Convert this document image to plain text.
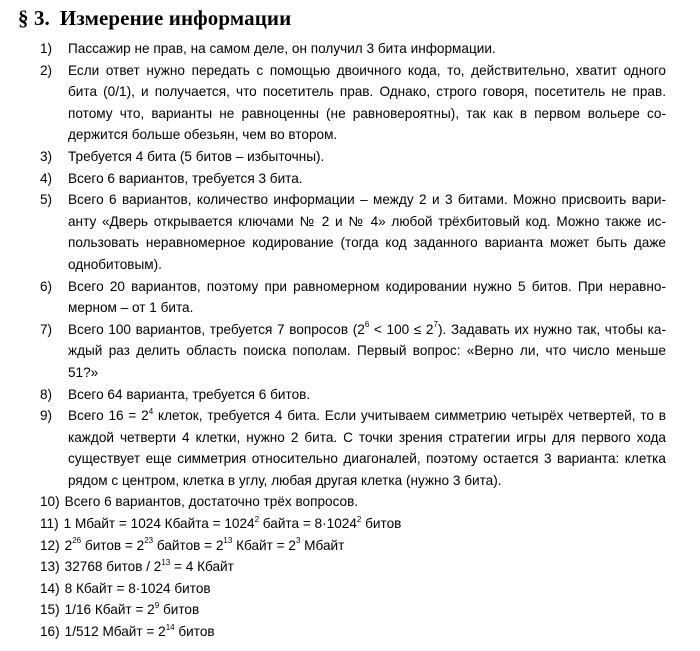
§ 3. Измерение информации
1) Пассажир не прав, на самом деле, он получил 3 бита информации.
2) Если ответ нужно передать с помощью двоичного кода, то, действительно, хватит одного
бита (0/1), и получается, что посетитель прав. Однако, строго говоря, посетитель не прав.
потому что, варианты не равноценны (не равновероятны), так как в первом вольере со-
держится больше обезьян, чем во втором.
3) Требуется 4 бита (5 битов – избыточны).
4) Всего 6 вариантов, требуется 3 бита.
5) Всего 6 вариантов, количество информации – между 2 и 3 битами. Можно присвоить вари-
анту «Дверь открывается ключами № 2 и № 4» любой трёхбитовый код. Можно также ис-
пользовать неравномерное кодирование (тогда код заданного варианта может быть даже
однобитовым).
6) Всего 20 вариантов, поэтому при равномерном кодировании нужно 5 битов. При неравно-
мерном – от 1 бита.
7) Всего 100 вариантов, требуется 7 вопросов $(2^6 < 100 \le 2^7)$. Задавать их нужно так, чтобы ка-
ждый раз делить область поиска пополам. Первый вопрос: «Верно ли, что число меньше
51?»
8) Всего 64 варианта, требуется 6 битов.
9) Всего $16 = 2^4$ клеток, требуется 4 бита. Если учитываем симметрию четырёх четвертей, то в
каждой четверти 4 клетки, нужно 2 бита. С точки зрения стратегии игры для первого хода
существует еще симметрия относительно диагоналей, поэтому остается 3 варианта: клетка
рядом с центром, клетка в углу, любая другая клетка (нужно 3 бита).
10) Всего 6 вариантов, достаточно трёх вопросов.
11) 1 Мбайт = 1024 Кбайта = $1024^2$ байта = $8\cdot 1024^2$ битов
12) $2^{26}$ битов = $2^{23}$ байтов = $2^{13}$ Кбайт = $2^3$ Мбайт
13) 32768 битов / $2^{13} = 4$ Кбайт
14) 8 Кбайт = 8·1024 битов
15) 1/16 Кбайт = $2^9$ битов
16) 1/512 Мбайт = $2^{14}$ битов
